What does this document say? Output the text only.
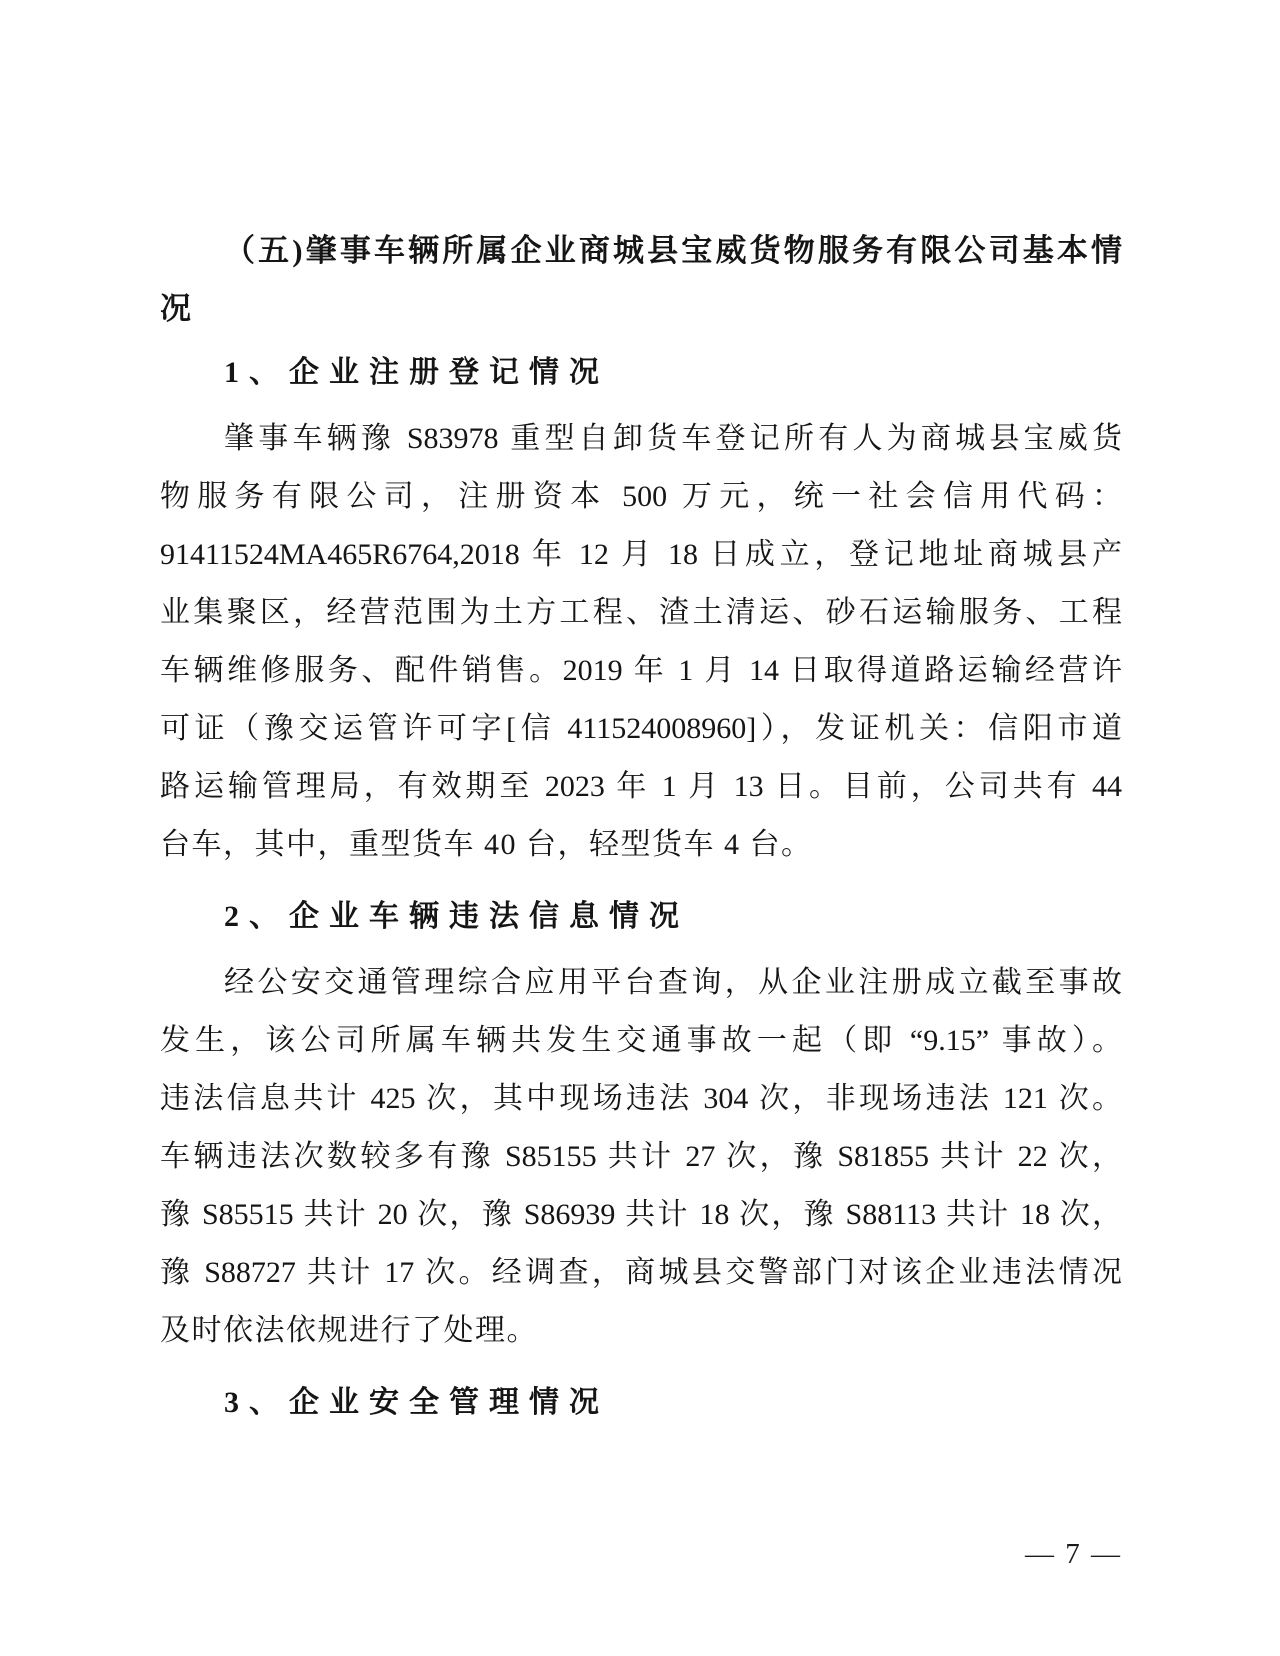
（五)肇事车辆所属企业商城县宝威货物服务有限公司基本情
况
1、企业注册登记情况
肇事车辆豫 S83978 重型自卸货车登记所有人为商城县宝威货
物服务有限公司，注册资本 500 万元，统一社会信用代码：
91411524MA465R6764,2018 年 12 月 18 日成立，登记地址商城县产
业集聚区，经营范围为土方工程、渣土清运、砂石运输服务、工程
车辆维修服务、配件销售。2019 年 1 月 14 日取得道路运输经营许
可证（豫交运管许可字[信 411524008960]），发证机关：信阳市道
路运输管理局，有效期至 2023 年 1 月 13 日。目前，公司共有 44
台车，其中，重型货车 40 台，轻型货车 4 台。
2、企业车辆违法信息情况
经公安交通管理综合应用平台查询，从企业注册成立截至事故
发生，该公司所属车辆共发生交通事故一起（即 “9.15” 事故）。
违法信息共计 425 次，其中现场违法 304 次，非现场违法 121 次。
车辆违法次数较多有豫 S85155 共计 27 次，豫 S81855 共计 22 次，
豫 S85515 共计 20 次，豫 S86939 共计 18 次，豫 S88113 共计 18 次，
豫 S88727 共计 17 次。经调查，商城县交警部门对该企业违法情况
及时依法依规进行了处理。
3、企业安全管理情况
— 7 —
